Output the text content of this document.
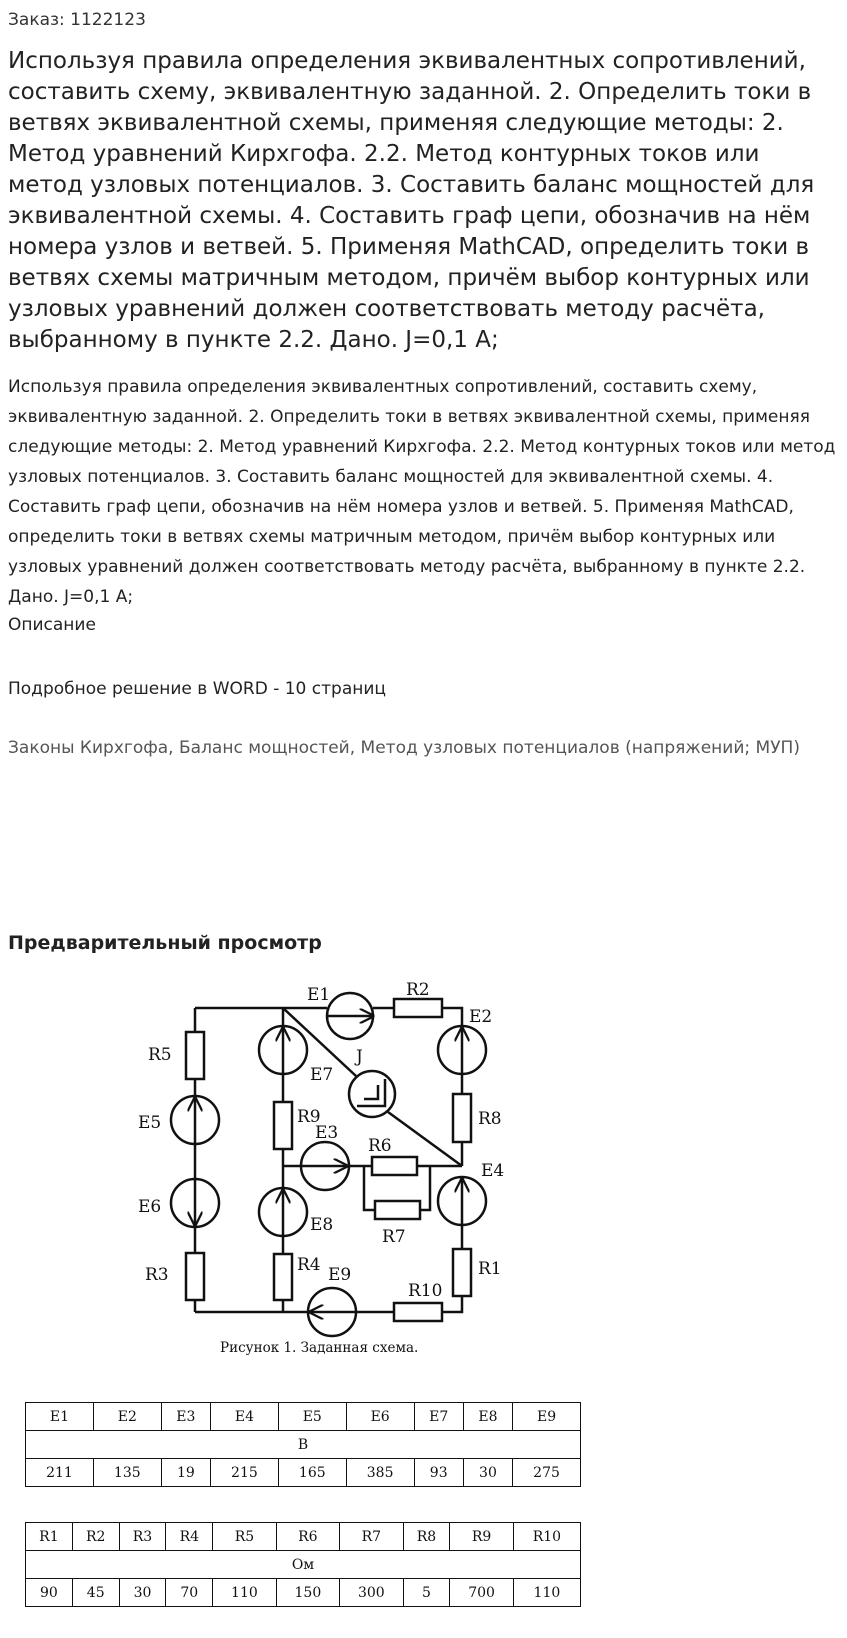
Заказ: 1122123
Используя правила определения эквивалентных сопротивлений, составить схему, эквивалентную заданной. 2. Определить токи в ветвях эквивалентной схемы, применяя следующие методы: 2. Метод уравнений Кирхгофа. 2.2. Метод контурных токов или метод узловых потенциалов. 3. Составить баланс мощностей для эквивалентной схемы. 4. Составить граф цепи, обозначив на нём номера узлов и ветвей. 5. Применяя MathCAD, определить токи в ветвях схемы матричным методом, причём выбор контурных или узловых уравнений должен соответствовать методу расчёта, выбранному в пункте 2.2. Дано. J=0,1 А;
Используя правила определения эквивалентных сопротивлений, составить схему, эквивалентную заданной. 2. Определить токи в ветвях эквивалентной схемы, применяя следующие методы: 2. Метод уравнений Кирхгофа. 2.2. Метод контурных токов или метод узловых потенциалов. 3. Составить баланс мощностей для эквивалентной схемы. 4. Составить граф цепи, обозначив на нём номера узлов и ветвей. 5. Применяя MathCAD, определить токи в ветвях схемы матричным методом, причём выбор контурных или узловых уравнений должен соответствовать методу расчёта, выбранному в пункте 2.2. Дано. J=0,1 А;
Описание
Подробное решение в WORD - 10 страниц
Законы Кирхгофа, Баланс мощностей, Метод узловых потенциалов (напряжений; МУП)
Предварительный просмотр
E1	R2
E2
R5
E7
J
E5	R9
E3
R8
R6
E4
E6
E8
R7
R3	R4	R1
E9
R10
Рисунок 1. Заданная схема.
E1	E2	E3	E4	E5	E6	E7	E8	E9
В								
211	135	19	215	165	385	93	30	275
R1	R2	R3	R4	R5	R6	R7	R8	R9	R10
Ом									
90	45	30	70	110	150	300	5	700	110
